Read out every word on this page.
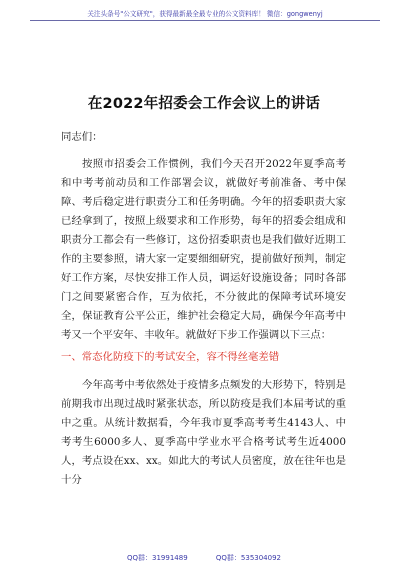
关注头条号"公文研究"，获得最新最全最专业的公文资料库！ 微信：gongwenyj
在2022年招委会工作会议上的讲话

同志们：

按照市招委会工作惯例，我们今天召开2022年夏季高考和中考考前动员和工作部署会议，就做好考前准备、考中保障、考后稳定进行职责分工和任务明确。今年的招委职责大家已经拿到了，按照上级要求和工作形势，每年的招委会组成和职责分工都会有一些修订，这份招委职责也是我们做好近期工作的主要参照，请大家一定要细细研究，提前做好预判，制定好工作方案，尽快安排工作人员，调运好设施设备；同时各部门之间要紧密合作，互为依托，不分彼此的保障考试环境安全，保证教育公平公正，维护社会稳定大局，确保今年高考中考又一个平安年、丰收年。就做好下步工作强调以下三点：

一、常态化防疫下的考试安全，容不得丝毫差错

今年高考中考依然处于疫情多点频发的大形势下，特别是前期我市出现过战时紧张状态，所以防疫是我们本届考试的重中之重。从统计数据看，今年我市夏季高考考生4143人、中考考生6000多人、夏季高中学业水平合格考试考生近4000人，考点设在xx、xx。如此大的考试人员密度，放在往年也是十分

QQ群：31991489	QQ群：535304092
